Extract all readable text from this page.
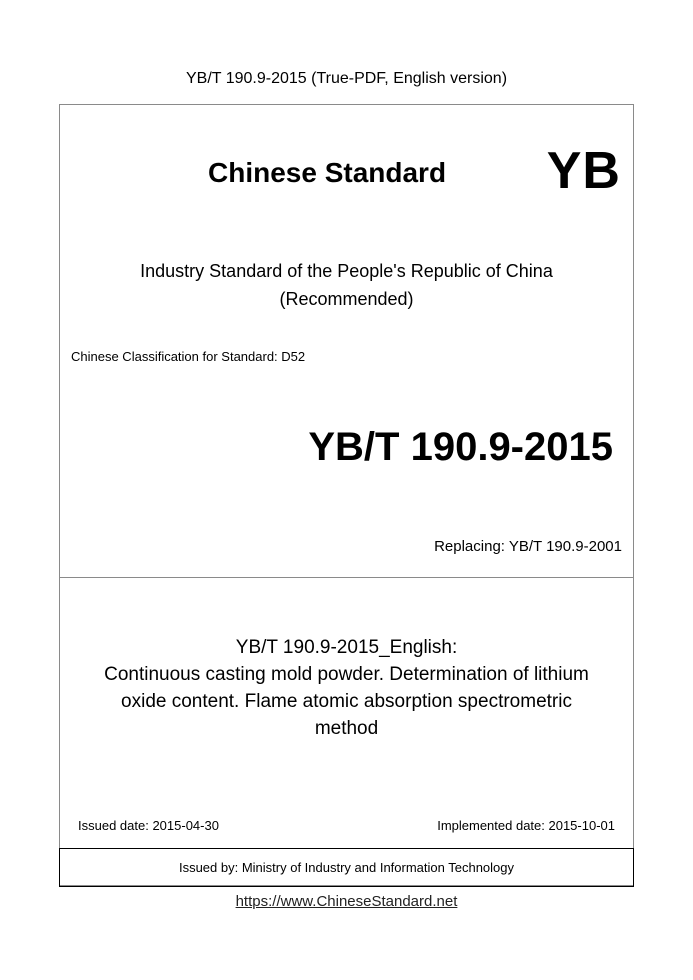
YB/T 190.9-2015 (True-PDF, English version)
Chinese Standard YB
Industry Standard of the People's Republic of China
(Recommended)
Chinese Classification for Standard: D52
YB/T 190.9-2015
Replacing: YB/T 190.9-2001
YB/T 190.9-2015_English:
Continuous casting mold powder. Determination of lithium
oxide content. Flame atomic absorption spectrometric
method
Issued date: 2015-04-30	Implemented date: 2015-10-01
Issued by: Ministry of Industry and Information Technology
https://www.ChineseStandard.net
